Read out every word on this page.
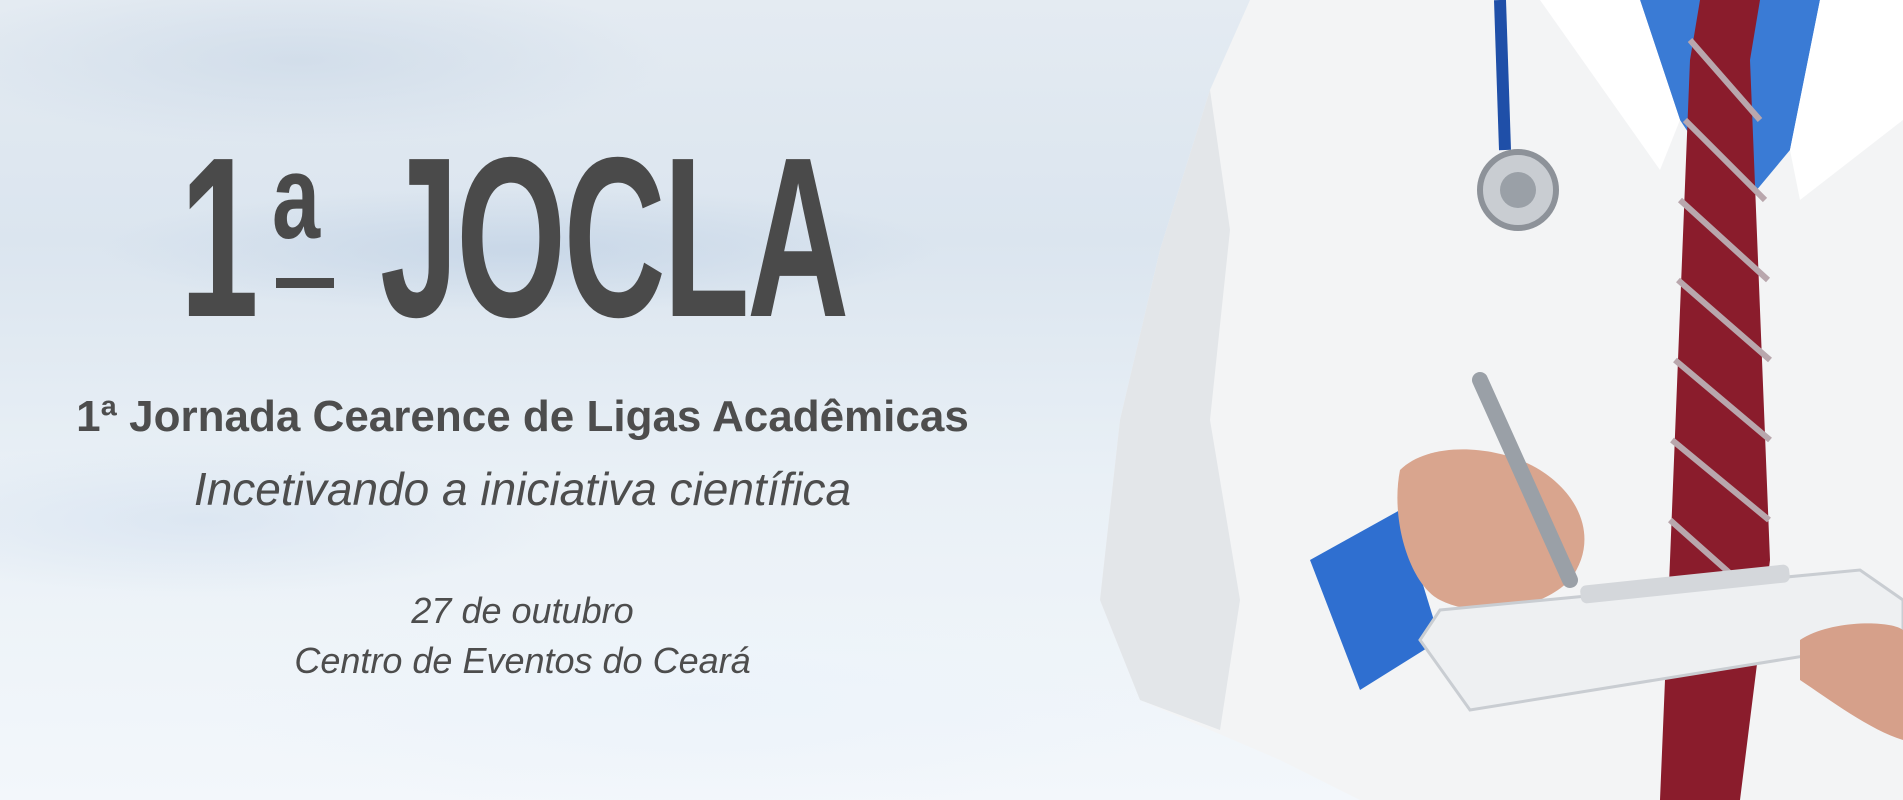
1 a JOCLA
1ª Jornada Cearence de Ligas Acadêmicas
Incetivando a iniciativa científica
27 de outubro
Centro de Eventos do Ceará
